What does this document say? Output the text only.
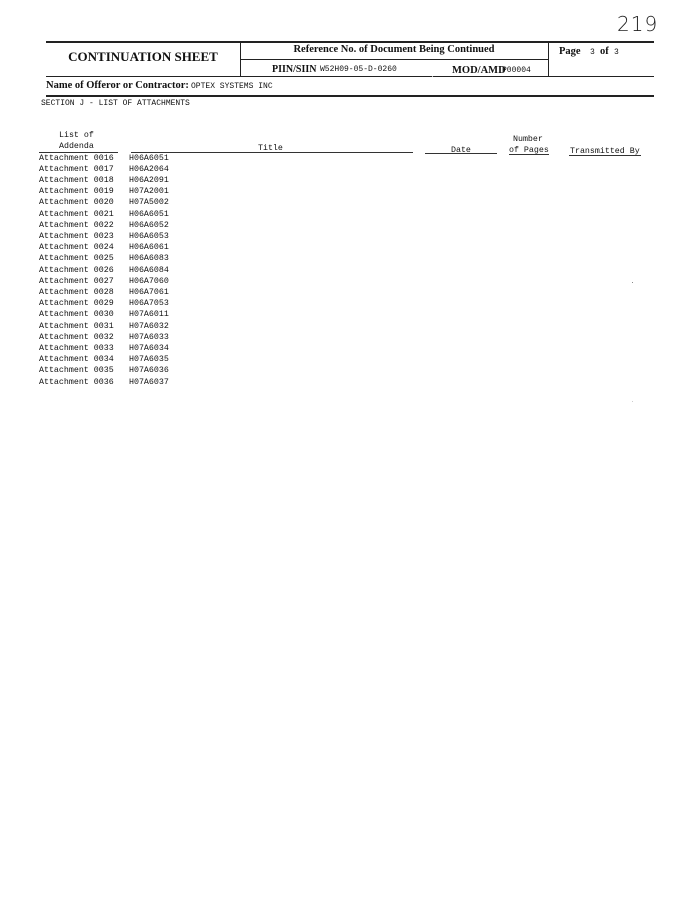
219
CONTINUATION SHEET	Reference No. of Document Being Continued
PIIN/SIIN W52H09-05-D-0260	MOD/AMD
P00004
Page 3 of 3
Name of Offeror or Contractor: OPTEX SYSTEMS INC
SECTION J - LIST OF ATTACHMENTS
List of
Addenda	Title	Date
Number
of Pages	Transmitted By
Attachment 0016 H06A6051
Attachment 0017 H06A2064
Attachment 0018 H06A2091
Attachment 0019 H07A2001
Attachment 0020 H07A5002
Attachment 0021 H06A6051
Attachment 0022 H06A6052
Attachment 0023 H06A6053
Attachment 0024 H06A6061
Attachment 0025 H06A6083
Attachment 0026 H06A6084
Attachment 0027 H06A7060
Attachment 0028 H06A7061
Attachment 0029 H06A7053
Attachment 0030 H07A6011
Attachment 0031 H07A6032
Attachment 0032 H07A6033
Attachment 0033 H07A6034
Attachment 0034 H07A6035
Attachment 0035 H07A6036
Attachment 0036 H07A6037
